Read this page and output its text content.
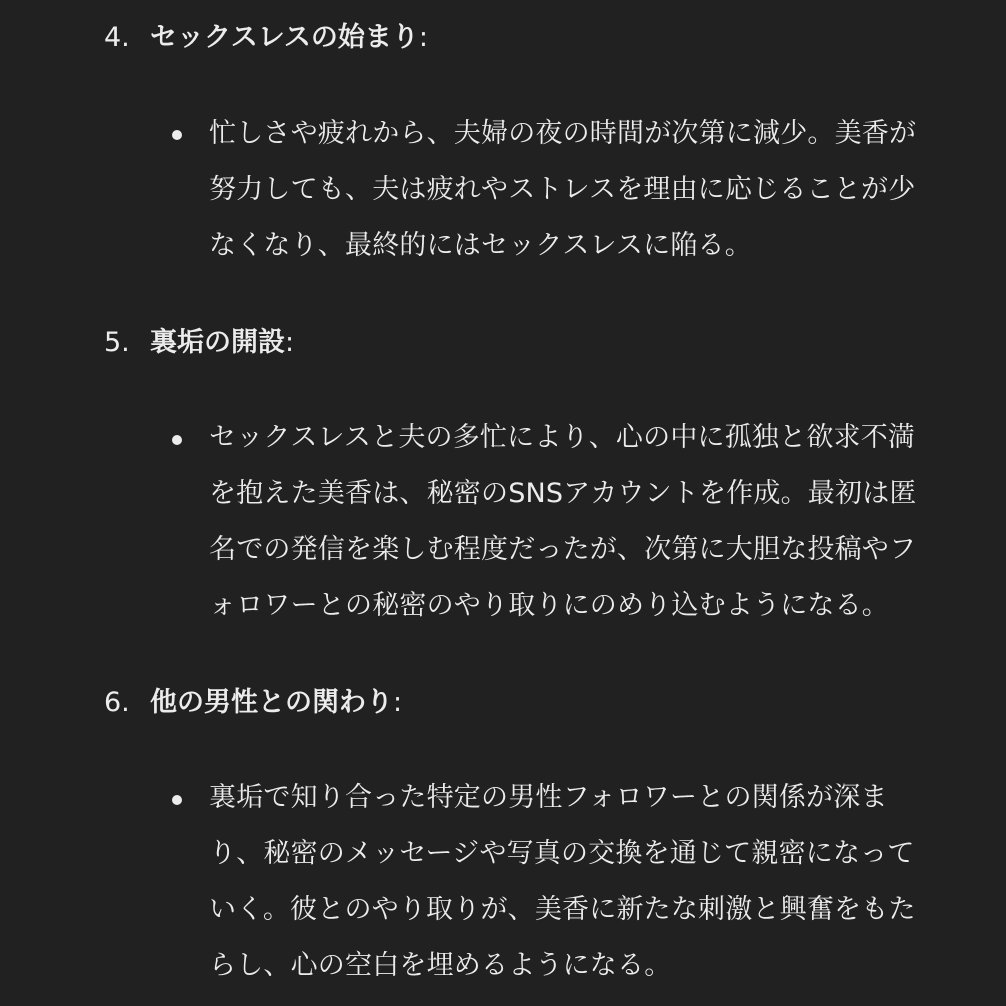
4. セックスレスの始まり:
忙しさや疲れから、夫婦の夜の時間が次第に減少。美香が
努力しても、夫は疲れやストレスを理由に応じることが少
なくなり、最終的にはセックスレスに陥る。
5. 裏垢の開設:
セックスレスと夫の多忙により、心の中に孤独と欲求不満
を抱えた美香は、秘密のSNSアカウントを作成。最初は匿
名での発信を楽しむ程度だったが、次第に大胆な投稿やフ
ォロワーとの秘密のやり取りにのめり込むようになる。
6. 他の男性との関わり:
裏垢で知り合った特定の男性フォロワーとの関係が深ま
り、秘密のメッセージや写真の交換を通じて親密になって
いく。彼とのやり取りが、美香に新たな刺激と興奮をもた
らし、心の空白を埋めるようになる。
